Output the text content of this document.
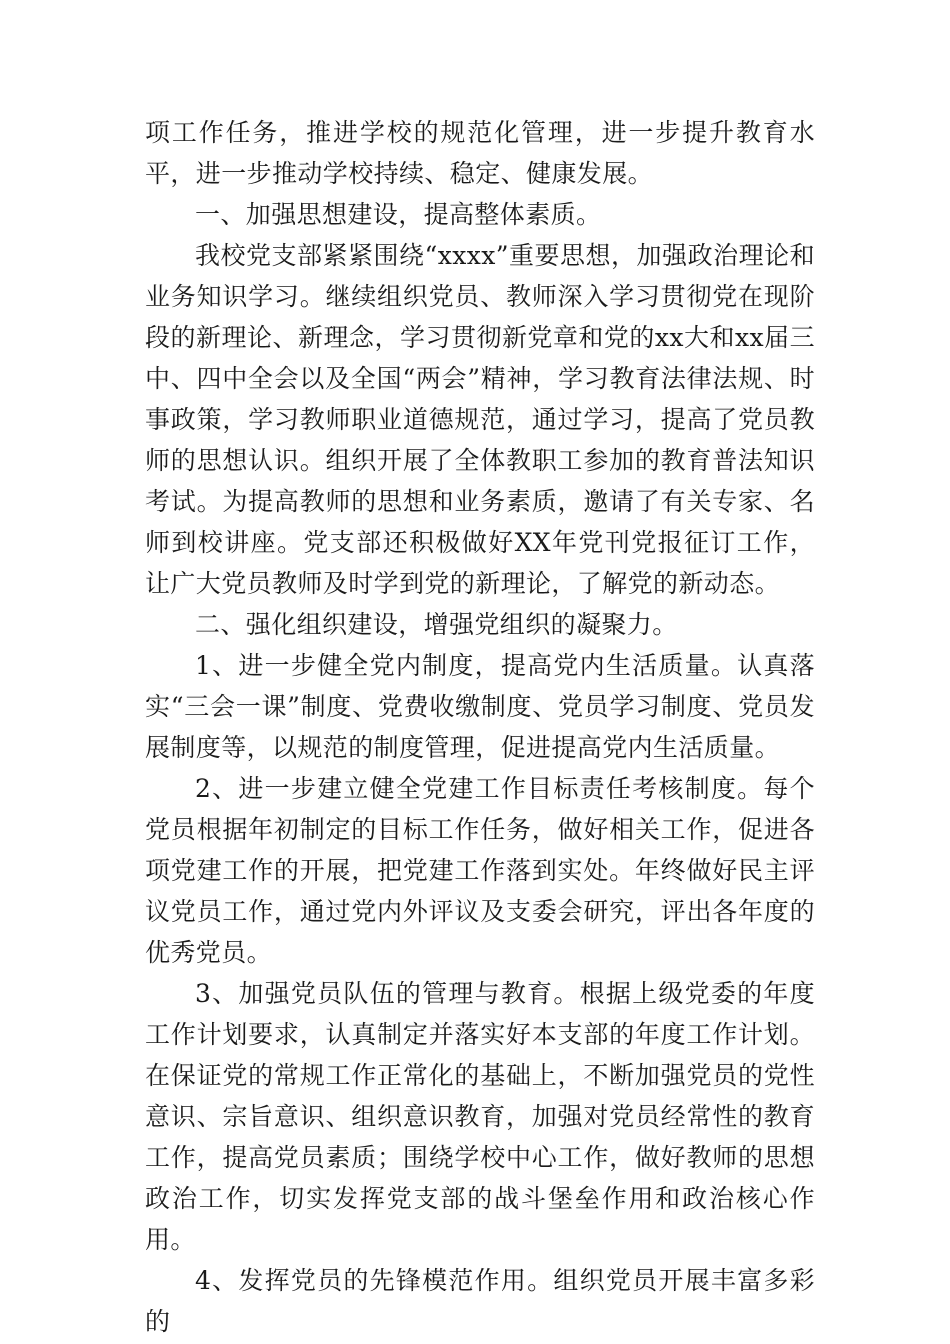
项工作任务，推进学校的规范化管理，进一步提升教育水平，进一步推动学校持续、稳定、健康发展。

一、加强思想建设，提高整体素质。

我校党支部紧紧围绕“xxxx”重要思想，加强政治理论和业务知识学习。继续组织党员、教师深入学习贯彻党在现阶段的新理论、新理念，学习贯彻新党章和党的xx大和xx届三中、四中全会以及全国“两会”精神，学习教育法律法规、时事政策，学习教师职业道德规范，通过学习，提高了党员教师的思想认识。组织开展了全体教职工参加的教育普法知识考试。为提高教师的思想和业务素质，邀请了有关专家、名师到校讲座。党支部还积极做好XX年党刊党报征订工作，让广大党员教师及时学到党的新理论，了解党的新动态。

二、强化组织建设，增强党组织的凝聚力。

1、进一步健全党内制度，提高党内生活质量。认真落实“三会一课”制度、党费收缴制度、党员学习制度、党员发展制度等，以规范的制度管理，促进提高党内生活质量。

2、进一步建立健全党建工作目标责任考核制度。每个党员根据年初制定的目标工作任务，做好相关工作，促进各项党建工作的开展，把党建工作落到实处。年终做好民主评议党员工作，通过党内外评议及支委会研究，评出各年度的优秀党员。

3、加强党员队伍的管理与教育。根据上级党委的年度工作计划要求，认真制定并落实好本支部的年度工作计划。在保证党的常规工作正常化的基础上，不断加强党员的党性意识、宗旨意识、组织意识教育，加强对党员经常性的教育工作，提高党员素质；围绕学校中心工作，做好教师的思想政治工作，切实发挥党支部的战斗堡垒作用和政治核心作用。

4、发挥党员的先锋模范作用。组织党员开展丰富多彩的
